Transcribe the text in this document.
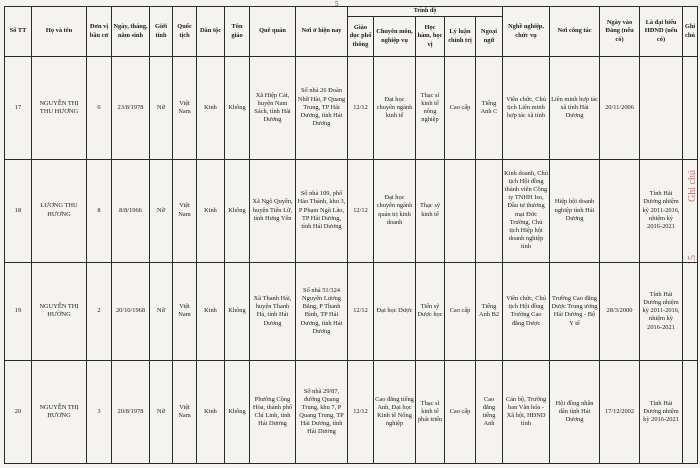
5
Ghi chú
15
Số TT	Họ và tên	Đơn vị bầu cử	Ngày, tháng, năm sinh	Giới tính	Quốc tịch	Dân tộc	Tôn giáo	Quê quán	Nơi ở hiện nay	Trình độ					Nghề nghiệp, chức vụ	Nơi công tác	Ngày vào Đảng (nếu có)	Là đại biểu HĐND (nếu có)	Ghi chú
										Giáo dục phổ thông	Chuyên môn, nghiệp vụ	Học hàm, học vị	Lý luận chính trị	Ngoại ngữ					
17	NGUYỄN THỊ THU HƯƠNG	6	23/8/1978	Nữ	Việt Nam	Kinh	Không	Xã Hiệp Cát, huyện Nam Sách, tỉnh Hải Dương	Số nhà 26 Đoàn Nhữ Hài, P Quang Trung, TP Hải Dương, tỉnh Hải Dương	12/12	Đại học chuyên ngành kinh tế	Thạc sĩ kinh tế nông nghiệp	Cao cấp	Tiếng Anh C	Viên chức, Chủ tịch Liên minh hợp tác xã tỉnh	Liên minh hợp tác xã tỉnh Hải Dương	20/11/2006		
18	LƯƠNG THU HƯƠNG	8	8/8/1966	Nữ	Việt Nam	Kinh	Không	Xã Ngô Quyền, huyện Tiên Lữ, tỉnh Hưng Yên	Số nhà 109, phố Hào Thành, khu 3, P Phạm Ngũ Lão, TP Hải Dương, tỉnh Hải Dương	12/12	Đại học chuyên ngành quản trị kinh doanh	Thạc sỹ kinh tế			Kinh doanh, Chủ tịch Hội đồng thành viên Công ty TNHH Iso, Đầu tư thương mại Đức Trường, Chủ tịch Hiệp hội doanh nghiệp tỉnh	Hiệp hội doanh nghiệp tỉnh Hải Dương		Tỉnh Hải Dương nhiệm kỳ 2011-2016, nhiệm kỳ 2016-2021	
19	NGUYỄN THỊ HƯỜNG	2	20/10/1968	Nữ	Việt Nam	Kinh	Không	Xã Thanh Hải, huyện Thanh Hà, tỉnh Hải Dương	Số nhà 51/324 Nguyễn Lương Bằng, P Thanh Bình, TP Hải Dương, tỉnh Hải Dương	12/12	Đại học Dược	Tiến sỹ Dược học	Cao cấp	Tiếng Anh B2	Viên chức, Chủ tịch Hội đồng Trường Cao đẳng Dược	Trường Cao đẳng Dược Trung ương Hải Dương - Bộ Y tế	28/3/2000	Tỉnh Hải Dương nhiệm kỳ 2011-2016, nhiệm kỳ 2016-2021	
20	NGUYỄN THỊ HƯƠNG	3	20/8/1978	Nữ	Việt Nam	Kinh	Không	Phường Cộng Hòa, thành phố Chí Linh, tỉnh Hải Dương	Số nhà 29/87, đường Quang Trung, khu 7, P Quang Trung, TP Hải Dương, tỉnh Hải Dương	12/12	Cao đẳng tiếng Anh, Đại học Kinh tế Nông nghiệp	Thạc sĩ kinh tế phát triển	Cao cấp	Cao đẳng tiếng Anh	Cán bộ, Trưởng ban Văn hóa - Xã hội, HĐND tỉnh	Hội đồng nhân dân tỉnh Hải Dương	17/12/2002	Tỉnh Hải Dương nhiệm kỳ 2016-2021	
